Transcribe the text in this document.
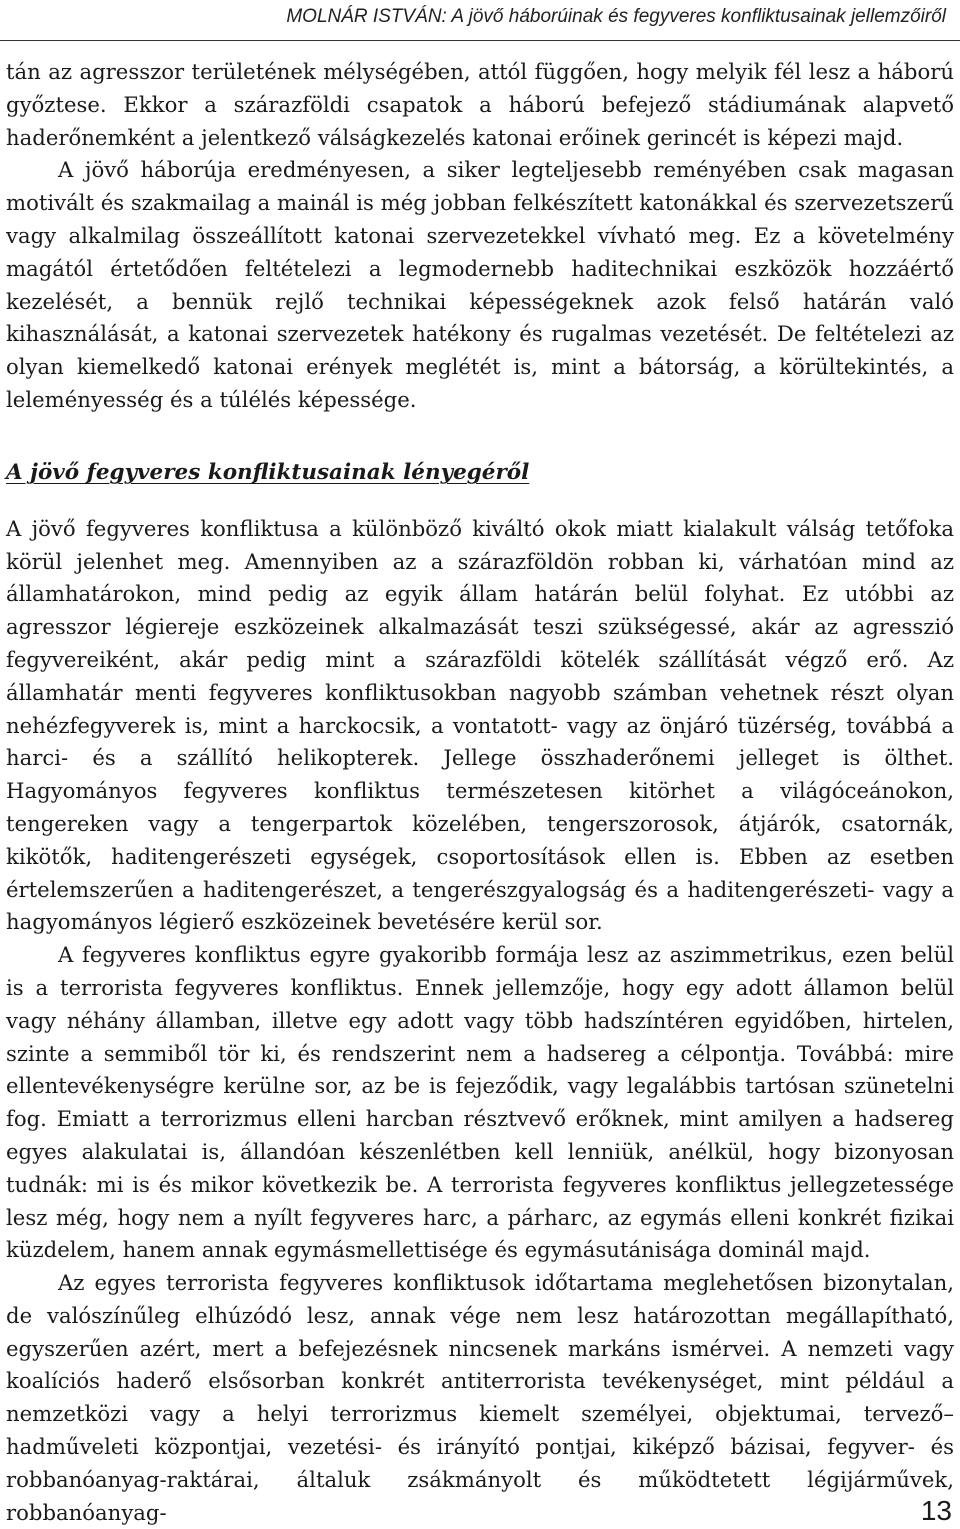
MOLNÁR ISTVÁN: A jövő háborúinak és fegyveres konfliktusainak jellemzőiről

tán az agresszor területének mélységében, attól függően, hogy melyik fél lesz a háború győztese. Ekkor a szárazföldi csapatok a háború befejező stádiumának alapvető haderőnemként a jelentkező válságkezelés katonai erőinek gerincét is képezi majd.

A jövő háborúja eredményesen, a siker legteljesebb reményében csak magasan motivált és szakmailag a mainál is még jobban felkészített katonákkal és szervezetszerű vagy alkalmilag összeállított katonai szervezetekkel vívható meg. Ez a követelmény magától értetődően feltételezi a legmodernebb haditechnikai eszközök hozzáértő kezelését, a bennük rejlő technikai képességeknek azok felső határán való kihasználását, a katonai szervezetek hatékony és rugalmas vezetését. De feltételezi az olyan kiemelkedő katonai erények meglétét is, mint a bátorság, a körültekintés, a leleményesség és a túlélés képessége.

A jövő fegyveres konfliktusainak lényegéről

A jövő fegyveres konfliktusa a különböző kiváltó okok miatt kialakult válság tetőfoka körül jelenhet meg. Amennyiben az a szárazföldön robban ki, várhatóan mind az államhatárokon, mind pedig az egyik állam határán belül folyhat. Ez utóbbi az agresszor légiereje eszközeinek alkalmazását teszi szükségessé, akár az agresszió fegyvereiként, akár pedig mint a szárazföldi kötelék szállítását végző erő. Az államhatár menti fegyveres konfliktusokban nagyobb számban vehetnek részt olyan nehézfegyverek is, mint a harckocsik, a vontatott- vagy az önjáró tüzérség, továbbá a harci- és a szállító helikopterek. Jellege összhaderőnemi jelleget is ölthet. Hagyományos fegyveres konfliktus természetesen kitörhet a világóceánokon, tengereken vagy a tengerpartok közelében, tengerszorosok, átjárók, csatornák, kikötők, haditengerészeti egységek, csoportosítások ellen is. Ebben az esetben értelemszerűen a haditengerészet, a tengerészgyalogság és a haditengerészeti- vagy a hagyományos légierő eszközeinek bevetésére kerül sor.

A fegyveres konfliktus egyre gyakoribb formája lesz az aszimmetrikus, ezen belül is a terrorista fegyveres konfliktus. Ennek jellemzője, hogy egy adott államon belül vagy néhány államban, illetve egy adott vagy több hadszíntéren egyidőben, hirtelen, szinte a semmiből tör ki, és rendszerint nem a hadsereg a célpontja. Továbbá: mire ellentevékenységre kerülne sor, az be is fejeződik, vagy legalábbis tartósan szünetelni fog. Emiatt a terrorizmus elleni harcban résztvevő erőknek, mint amilyen a hadsereg egyes alakulatai is, állandóan készenlétben kell lenniük, anélkül, hogy bizonyosan tudnák: mi is és mikor következik be. A terrorista fegyveres konfliktus jellegzetessége lesz még, hogy nem a nyílt fegyveres harc, a párharc, az egymás elleni konkrét fizikai küzdelem, hanem annak egymásmellettisége és egymásutánisága dominál majd.

Az egyes terrorista fegyveres konfliktusok időtartama meglehetősen bizonytalan, de valószínűleg elhúzódó lesz, annak vége nem lesz határozottan megállapítható, egyszerűen azért, mert a befejezésnek nincsenek markáns ismérvei. A nemzeti vagy koalíciós haderő elsősorban konkrét antiterrorista tevékenységet, mint például a nemzetközi vagy a helyi terrorizmus kiemelt személyei, objektumai, tervező–hadműveleti központjai, vezetési- és irányító pontjai, kiképző bázisai, fegyver- és robbanóanyag-raktárai, általuk zsákmányolt és működtetett légijárművek, robbanóanyag-	13
